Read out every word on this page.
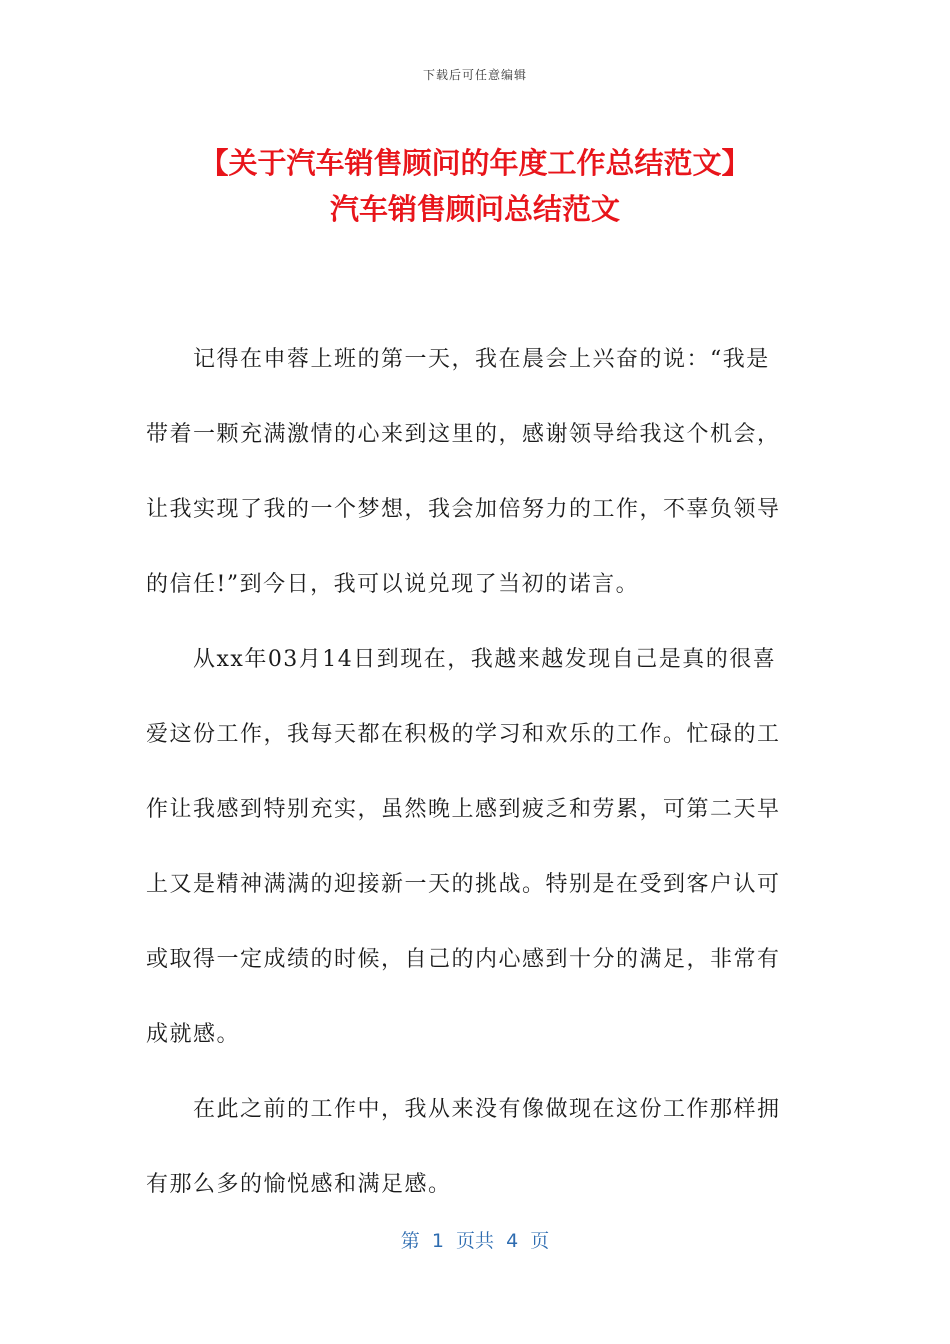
下载后可任意编辑
【关于汽车销售顾问的年度工作总结范文】
汽车销售顾问总结范文

记得在申蓉上班的第一天，我在晨会上兴奋的说：“我是
带着一颗充满激情的心来到这里的，感谢领导给我这个机会，
让我实现了我的一个梦想，我会加倍努力的工作，不辜负领导
的信任!”到今日，我可以说兑现了当初的诺言。

从xx年03月14日到现在，我越来越发现自己是真的很喜
爱这份工作，我每天都在积极的学习和欢乐的工作。忙碌的工
作让我感到特别充实，虽然晚上感到疲乏和劳累，可第二天早
上又是精神满满的迎接新一天的挑战。特别是在受到客户认可
或取得一定成绩的时候，自己的内心感到十分的满足，非常有
成就感。

在此之前的工作中，我从来没有像做现在这份工作那样拥
有那么多的愉悦感和满足感。

第  1  页共  4  页
